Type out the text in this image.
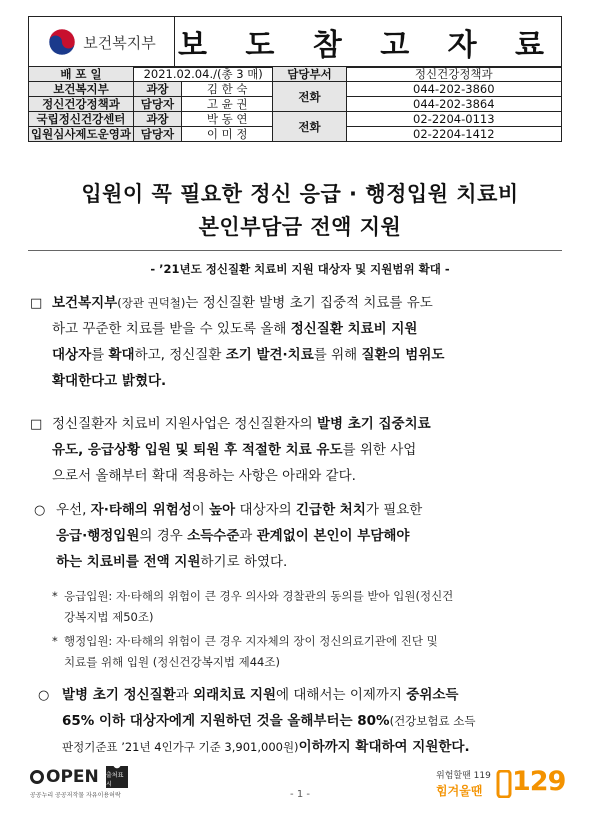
보건복지부 보 도 참 고 자 료
배 포 일	2021.02.04./(총 3 매)		담당부서	정신건강정책과
보건복지부	과장	김 한 숙	전화	044-202-3860
정신건강정책과	담당자	고 윤 권		044-202-3864
국립정신건강센터	과장	박 동 연	전화	02-2204-0113
입원심사제도운영과	담당자	이 미 정		02-2204-1412
입원이 꼭 필요한 정신 응급 · 행정입원 치료비
본인부담금 전액 지원
- ’21년도 정신질환 치료비 지원 대상자 및 지원범위 확대 -
□ 보건복지부(장관 권덕철)는 정신질환 발병 초기 집중적 치료를 유도
하고 꾸준한 치료를 받을 수 있도록 올해 정신질환 치료비 지원
대상자를 확대하고, 정신질환 조기 발견·치료를 위해 질환의 범위도
확대한다고 밝혔다.
□ 정신질환자 치료비 지원사업은 정신질환자의 발병 초기 집중치료
유도, 응급상황 입원 및 퇴원 후 적절한 치료 유도를 위한 사업
으로서 올해부터 확대 적용하는 사항은 아래와 같다.
○ 우선, 자·타해의 위험성이 높아 대상자의 긴급한 처치가 필요한
응급·행정입원의 경우 소득수준과 관계없이 본인이 부담해야
하는 치료비를 전액 지원하기로 하였다.
* 응급입원: 자·타해의 위험이 큰 경우 의사와 경찰관의 동의를 받아 입원(정신건
강복지법 제50조)
* 행정입원: 자·타해의 위험이 큰 경우 지자체의 장이 정신의료기관에 진단 및
치료를 위해 입원 (정신건강복지법 제44조)
○ 발병 초기 정신질환과 외래치료 지원에 대해서는 이제까지 중위소득
65% 이하 대상자에게 지원하던 것을 올해부터는 80%(건강보험료 소득
판정기준표 ’21년 4인가구 기준 3,901,000원)이하까지 확대하여 지원한다.
OPEN
●
출처표시
공공누리 공공저작물 자유이용허락	- 1 -
위험할땐 119
힘겨울땐 129
